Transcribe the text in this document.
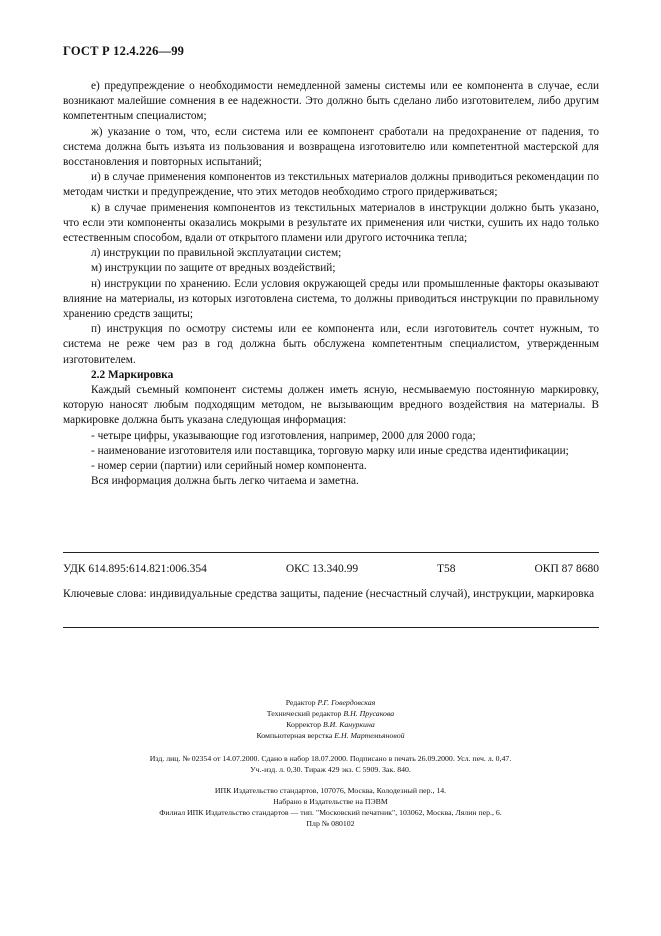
ГОСТ Р 12.4.226—99

е) предупреждение о необходимости немедленной замены системы или ее компонента в случае, если возникают малейшие сомнения в ее надежности. Это должно быть сделано либо изготовителем, либо другим компетентным специалистом;

ж) указание о том, что, если система или ее компонент сработали на предохранение от падения, то система должна быть изъята из пользования и возвращена изготовителю или компетентной мастерской для восстановления и повторных испытаний;

и) в случае применения компонентов из текстильных материалов должны приводиться рекомендации по методам чистки и предупреждение, что этих методов необходимо строго придерживаться;

к) в случае применения компонентов из текстильных материалов в инструкции должно быть указано, что если эти компоненты оказались мокрыми в результате их применения или чистки, сушить их надо только естественным способом, вдали от открытого пламени или другого источника тепла;

л) инструкции по правильной эксплуатации систем;

м) инструкции по защите от вредных воздействий;

н) инструкции по хранению. Если условия окружающей среды или промышленные факторы оказывают влияние на материалы, из которых изготовлена система, то должны приводиться инструкции по правильному хранению средств защиты;

п) инструкция по осмотру системы или ее компонента или, если изготовитель сочтет нужным, то система не реже чем раз в год должна быть обслужена компетентным специалистом, утвержденным изготовителем.

2.2 Маркировка

Каждый съемный компонент системы должен иметь ясную, несмываемую постоянную маркировку, которую наносят любым подходящим методом, не вызывающим вредного воздействия на материалы. В маркировке должна быть указана следующая информация:

- четыре цифры, указывающие год изготовления, например, 2000 для 2000 года;

- наименование изготовителя или поставщика, торговую марку или иные средства идентификации;

- номер серии (партии) или серийный номер компонента.

Вся информация должна быть легко читаема и заметна.

УДК 614.895:614.821:006.354	ОКС 13.340.99	Т58	ОКП 87 8680
Ключевые слова: индивидуальные средства защиты, падение (несчастный случай), инструкции, маркировка
Редактор Р.Г. Говердовская
Технический редактор В.Н. Прусакова
Корректор В.И. Кануркина
Компьютерная верстка Е.Н. Мартемьяновой
Изд. лиц. № 02354 от 14.07.2000. Сдано в набор 18.07.2000. Подписано в печать 26.09.2000. Усл. печ. л. 0,47.
Уч.-изд. л. 0,30. Тираж 429 экз. С 5909. Зак. 840.
ИПК Издательство стандартов, 107076, Москва, Колодезный пер., 14.
Набрано в Издательстве на ПЭВМ
Филиал ИПК Издательство стандартов — тип. "Московский печатник", 103062, Москва, Лялин пер., 6.
Плр № 080102
